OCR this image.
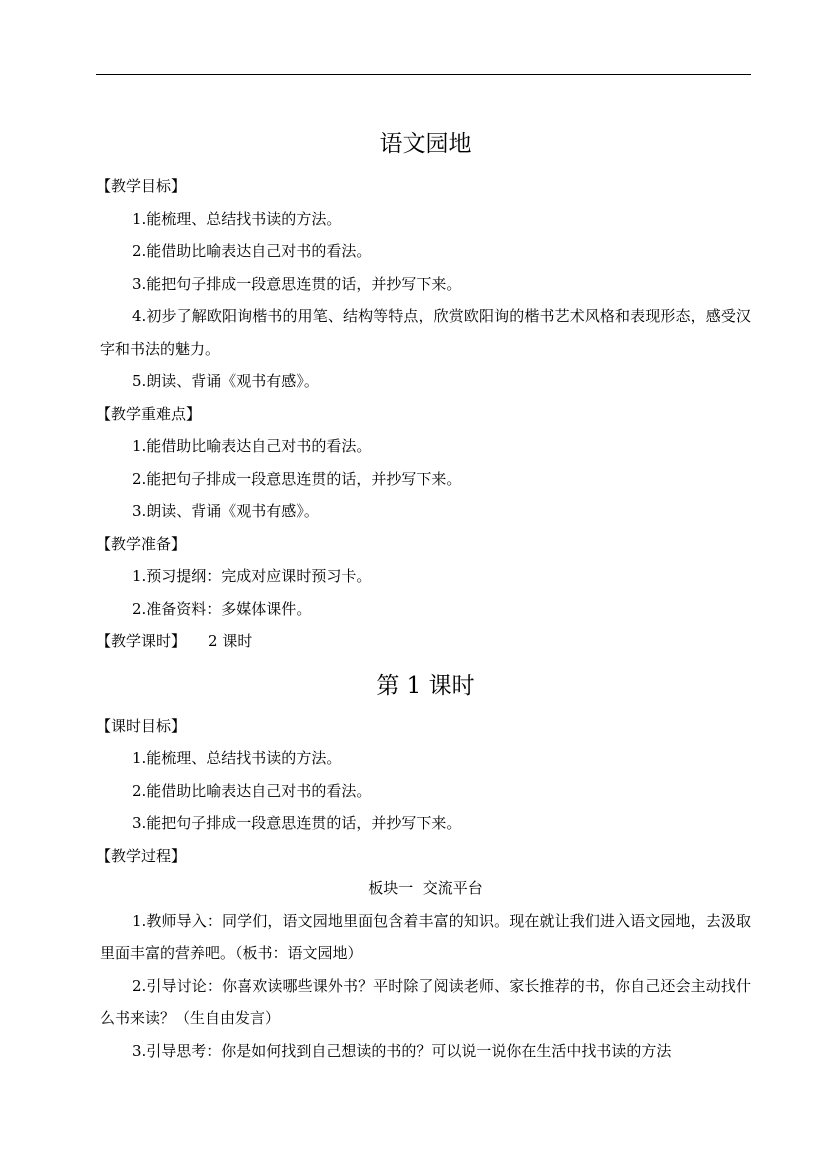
语文园地
【教学目标】
1.能梳理、总结找书读的方法。
2.能借助比喻表达自己对书的看法。
3.能把句子排成一段意思连贯的话，并抄写下来。
4.初步了解欧阳询楷书的用笔、结构等特点，欣赏欧阳询的楷书艺术风格和表现形态，感受汉字和书法的魅力。
5.朗读、背诵《观书有感》。
【教学重难点】
1.能借助比喻表达自己对书的看法。
2.能把句子排成一段意思连贯的话，并抄写下来。
3.朗读、背诵《观书有感》。
【教学准备】
1.预习提纲：完成对应课时预习卡。
2.准备资料：多媒体课件。
【教学课时】 2 课时
第 1 课时
【课时目标】
1.能梳理、总结找书读的方法。
2.能借助比喻表达自己对书的看法。
3.能把句子排成一段意思连贯的话，并抄写下来。
【教学过程】
板块一  交流平台
1.教师导入：同学们，语文园地里面包含着丰富的知识。现在就让我们进入语文园地，去汲取里面丰富的营养吧。（板书：语文园地）
2.引导讨论：你喜欢读哪些课外书？平时除了阅读老师、家长推荐的书，你自己还会主动找什么书来读？（生自由发言）
3.引导思考：你是如何找到自己想读的书的？可以说一说你在生活中找书读的方法
